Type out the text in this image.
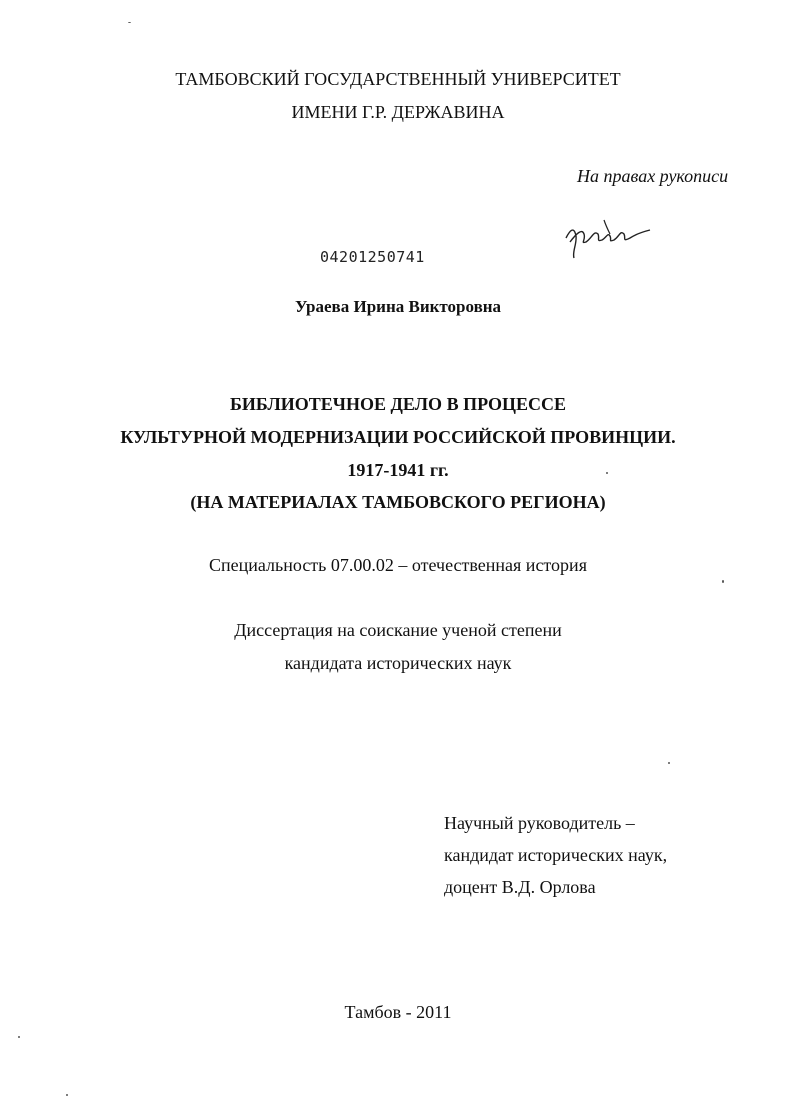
ТАМБОВСКИЙ ГОСУДАРСТВЕННЫЙ УНИВЕРСИТЕТ
ИМЕНИ Г.Р. ДЕРЖАВИНА
На правах рукописи
04201250741
Ураева Ирина Викторовна
БИБЛИОТЕЧНОЕ ДЕЛО В ПРОЦЕССЕ
КУЛЬТУРНОЙ МОДЕРНИЗАЦИИ РОССИЙСКОЙ ПРОВИНЦИИ.
1917-1941 гг.
(НА МАТЕРИАЛАХ ТАМБОВСКОГО РЕГИОНА)
Специальность 07.00.02 – отечественная история
Диссертация на соискание ученой степени
кандидата исторических наук
Научный руководитель –
кандидат исторических наук,
доцент В.Д. Орлова
Тамбов - 2011
